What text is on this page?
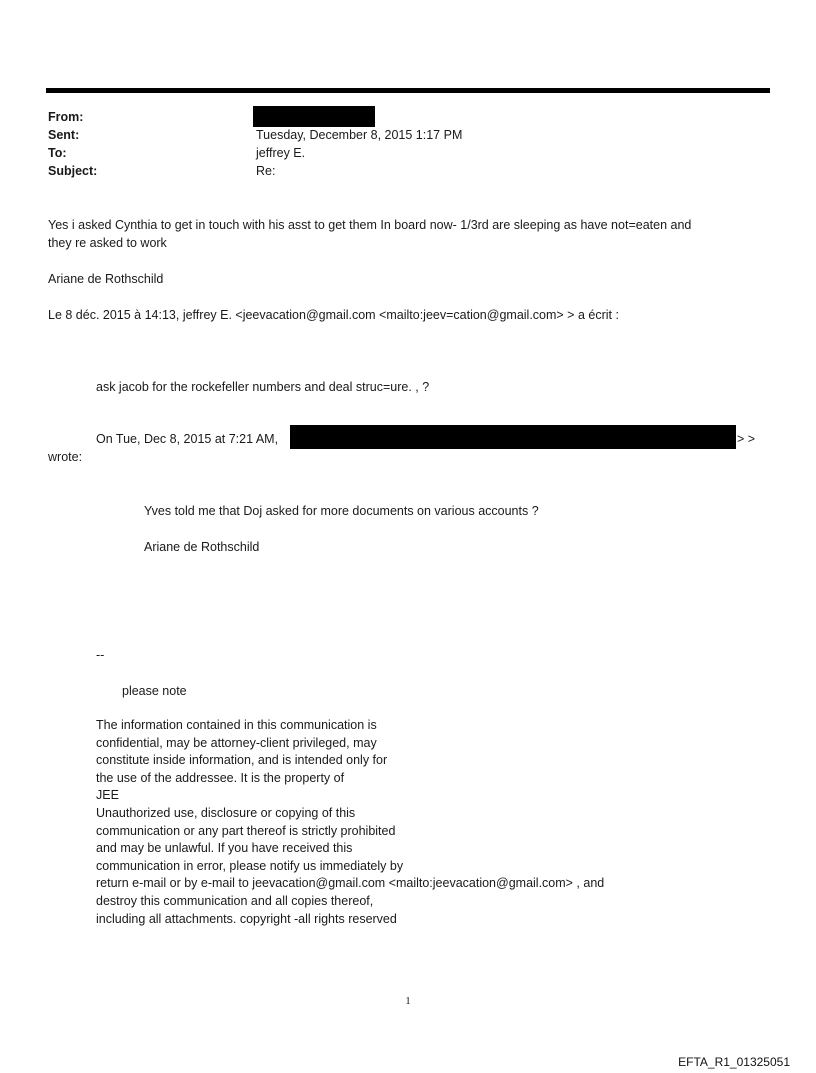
From:
Sent:
To:
Subject:
Tuesday, December 8, 2015 1:17 PM
jeffrey E.
Re:
Yes i asked Cynthia to get in touch with his asst to get them In board now- 1/3rd are sleeping as have not=eaten and
they re asked to work
Ariane de Rothschild
Le 8 déc. 2015 à 14:13, jeffrey E. <jeevacation@gmail.com <mailto:jeev=cation@gmail.com> > a écrit :
ask jacob for the rockefeller numbers and deal struc=ure. , ?
On Tue, Dec 8, 2015 at 7:21 AM,	> >
wrote:
Yves told me that Doj asked for more documents on various accounts ?
Ariane de Rothschild
--
please note
The information contained in this communication is
confidential, may be attorney-client privileged, may
constitute inside information, and is intended only for
the use of the addressee. It is the property of
JEE
Unauthorized use, disclosure or copying of this
communication or any part thereof is strictly prohibited
and may be unlawful. If you have received this
communication in error, please notify us immediately by
return e-mail or by e-mail to jeevacation@gmail.com <mailto:jeevacation@gmail.com> , and
destroy this communication and all copies thereof,
including all attachments. copyright -all rights reserved
1
EFTA_R1_01325051
